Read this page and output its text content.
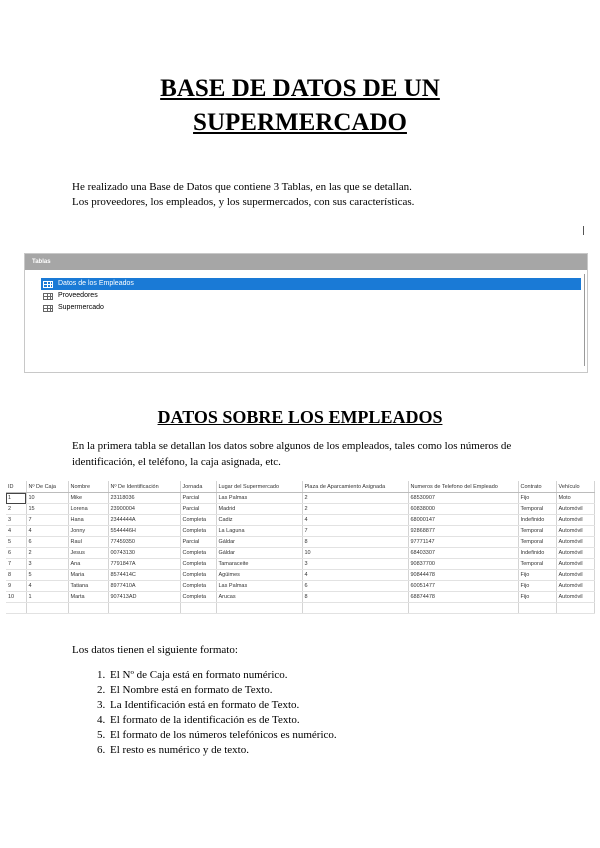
BASE DE DATOS DE UN
SUPERMERCADO

He realizado una Base de Datos que contiene 3 Tablas, en las que se detallan.

Los proveedores, los empleados, y los supermercados, con sus características.

Tablas
Datos de los Empleados
Proveedores
Supermercado
DATOS SOBRE LOS EMPLEADOS

En la primera tabla se detallan los datos sobre algunos de los empleados, tales como los números de identificación, el teléfono, la caja asignada, etc.

ID	Nº De Caja	Nombre	Nº De Identificación	Jornada	Lugar del Supermercado	Plaza de Aparcamiento Asignada	Numeros de Telefono del Empleado	Contrato	Vehículo
1	10	Mike	23118036	Parcial	Las Palmas	2	68530907	Fijo	Moto
2	15	Lorena	23900004	Parcial	Madrid	2	60838000	Temporal	Automóvil
3	7	Hana	2344444A	Completa	Cadiz	4	68000147	Indefinido	Automóvil
4	4	Jonny	5544446H	Completa	La Laguna	7	92868877	Temporal	Automóvil
5	6	Raul	77459350	Parcial	Gáldar	8	97771147	Temporal	Automóvil
6	2	Jesus	00743130	Completa	Gáldar	10	68403307	Indefinido	Automóvil
7	3	Ana	7791847A	Completa	Tamaraceite	3	90837700	Temporal	Automóvil
8	5	Maria	8574414C	Completa	Agüimes	4	90844478	Fijo	Automóvil
9	4	Tatiana	8977410A	Completa	Las Palmas	6	60051477	Fijo	Automóvil
10	1	Marta	907413AD	Completa	Arucas	8	68874478	Fijo	Automóvil

Los datos tienen el siguiente formato:
1. El Nº de Caja está en formato numérico.
2. El Nombre está en formato de Texto.
3. La Identificación está en formato de Texto.
4. El formato de la identificación es de Texto.
5. El formato de los números telefónicos es numérico.
6. El resto es numérico y de texto.
